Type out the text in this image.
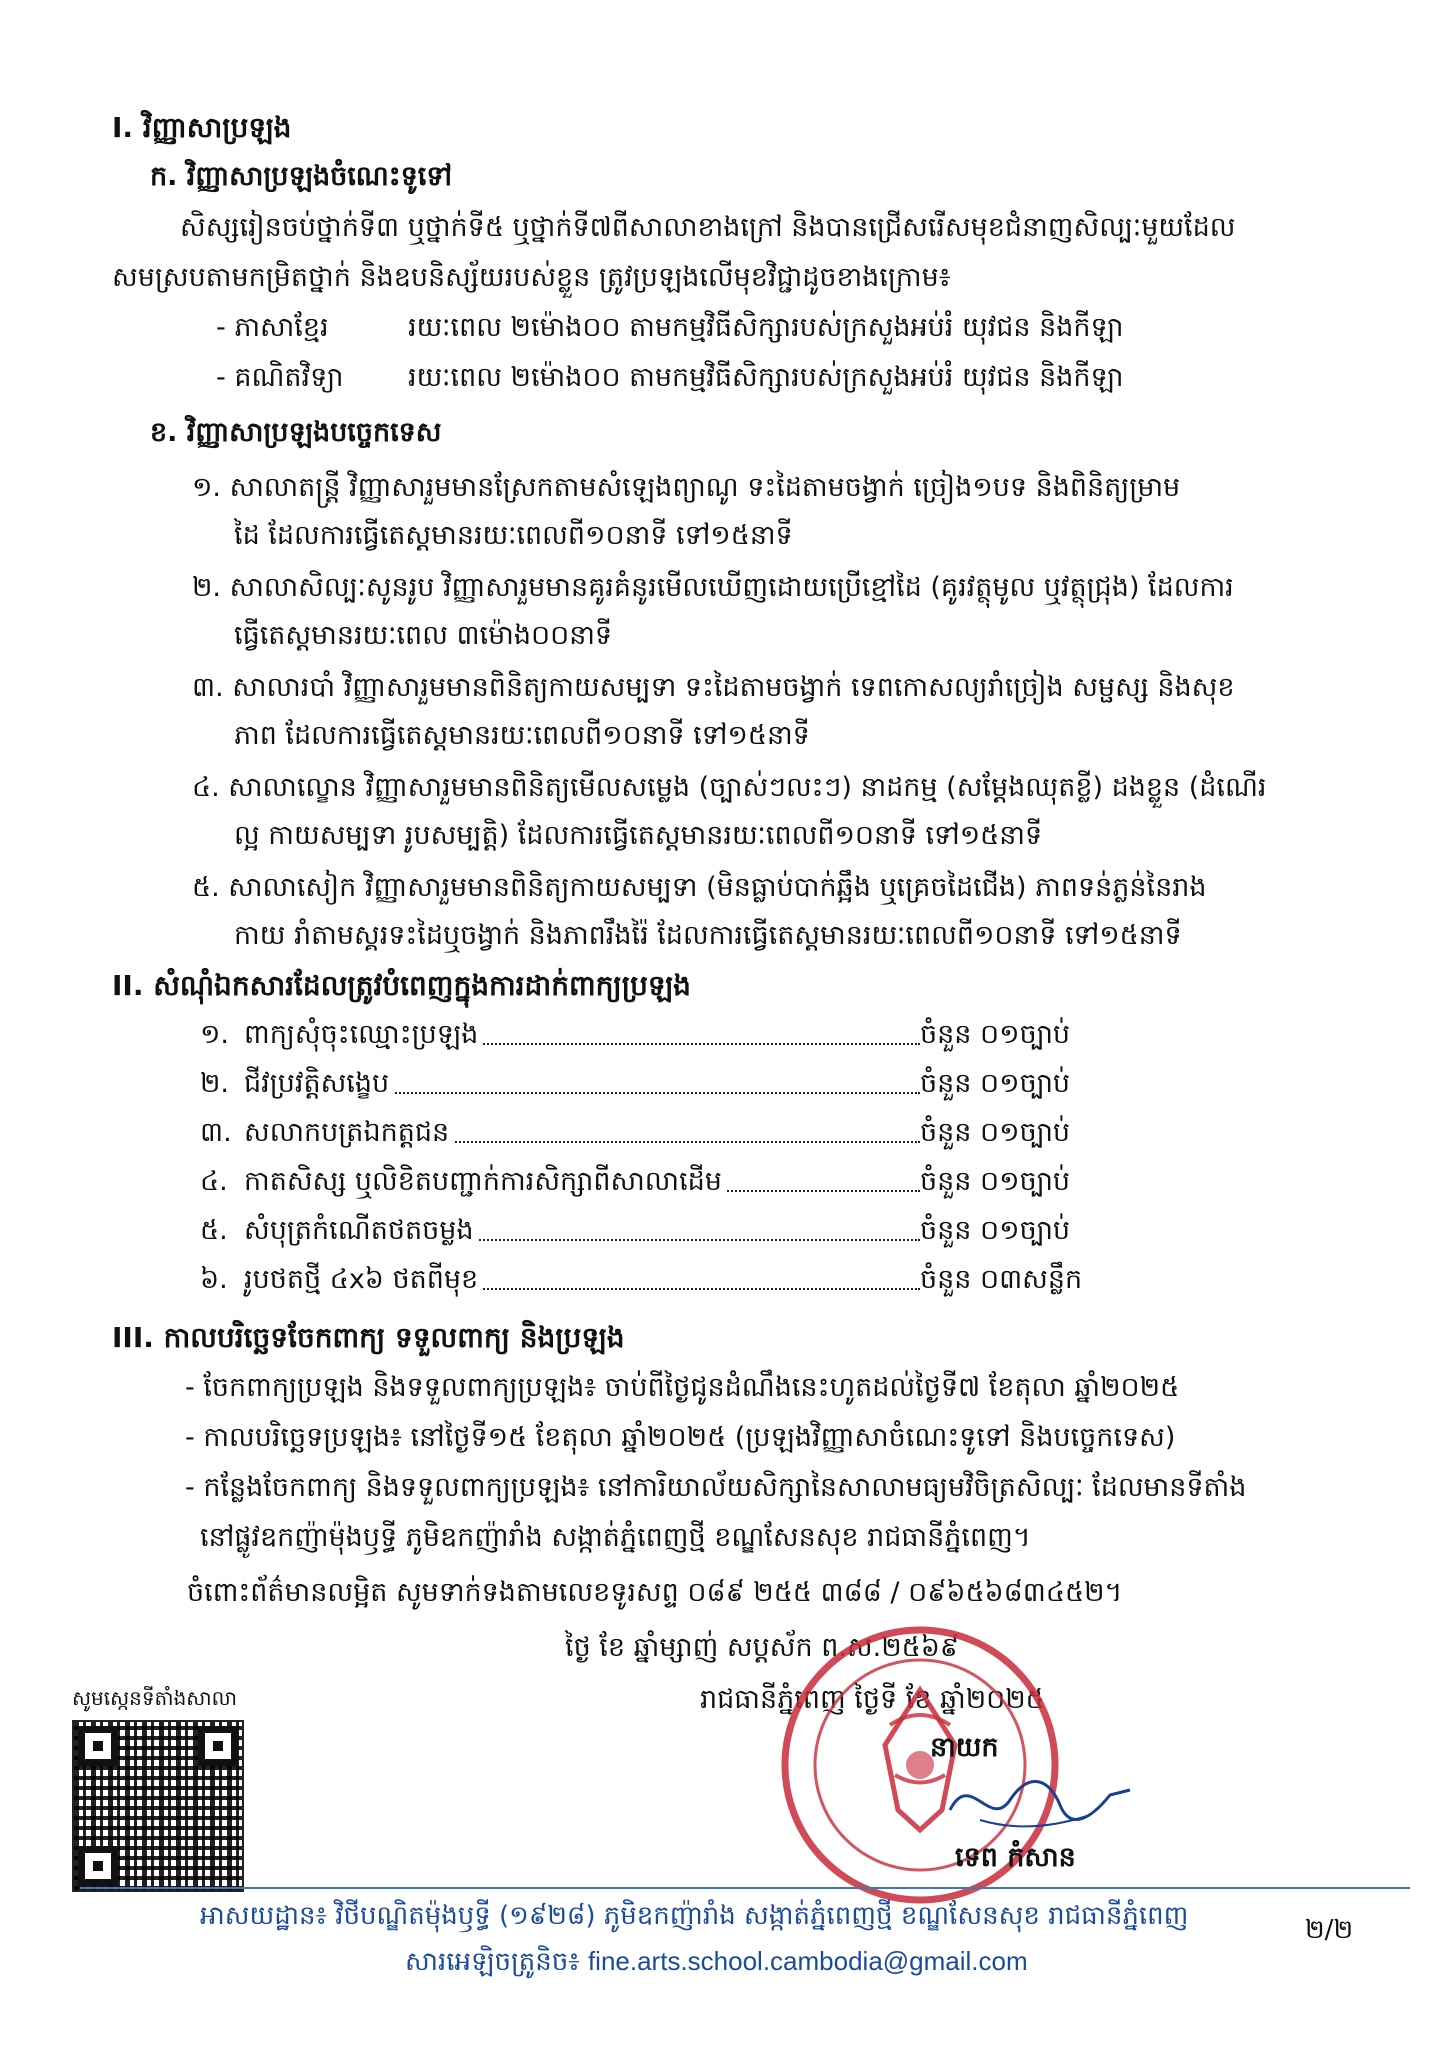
I. វិញ្ញាសាប្រឡង
ក. វិញ្ញាសាប្រឡងចំណេះទូទៅ
សិស្សរៀនចប់ថ្នាក់ទី៣ ឬថ្នាក់ទី៥ ឬថ្នាក់ទី៧ពីសាលាខាងក្រៅ និងបានជ្រើសរើសមុខជំនាញសិល្បៈមួយដែល
សមស្របតាមកម្រិតថ្នាក់ និងឧបនិស្ស័យរបស់ខ្លួន ត្រូវប្រឡងលើមុខវិជ្ជាដូចខាងក្រោម៖
- ភាសាខ្មែរ	រយៈពេល ២ម៉ោង០០ តាមកម្មវិធីសិក្សារបស់ក្រសួងអប់រំ យុវជន និងកីឡា
- គណិតវិទ្យា រយៈពេល ២ម៉ោង០០ តាមកម្មវិធីសិក្សារបស់ក្រសួងអប់រំ យុវជន និងកីឡា
ខ. វិញ្ញាសាប្រឡងបច្ចេកទេស
១. សាលាតន្ត្រី វិញ្ញាសារួមមានស្រែកតាមសំឡេងព្យាណូ ទះដៃតាមចង្វាក់ ច្រៀង១បទ និងពិនិត្យម្រាម
ដៃ ដែលការធ្វើតេស្តមានរយៈពេលពី១០នាទី ទៅ១៥នាទី
២. សាលាសិល្បៈសូនរូប វិញ្ញាសារួមមានគូរគំនូរមើលឃើញដោយប្រើខ្មៅដៃ (គូរវត្ថុមូល ឬវត្ថុជ្រុង) ដែលការ
ធ្វើតេស្តមានរយៈពេល ៣ម៉ោង០០នាទី
៣. សាលារបាំ វិញ្ញាសារួមមានពិនិត្យកាយសម្បទា ទះដៃតាមចង្វាក់ ទេពកោសល្យរាំច្រៀង សម្ផស្ស និងសុខ
ភាព ដែលការធ្វើតេស្តមានរយៈពេលពី១០នាទី ទៅ១៥នាទី
៤. សាលាល្ខោន វិញ្ញាសារួមមានពិនិត្យមើលសម្លេង (ច្បាស់ៗលះៗ) នាដកម្ម (សម្តែងឈុតខ្លី) ដងខ្លួន (ដំណើរ
ល្អ កាយសម្បទា រូបសម្បត្តិ) ដែលការធ្វើតេស្តមានរយៈពេលពី១០នាទី ទៅ១៥នាទី
៥. សាលាសៀក វិញ្ញាសារួមមានពិនិត្យកាយសម្បទា (មិនធ្លាប់បាក់ឆ្អឹង ឬគ្រេចដៃជើង) ភាពទន់ភ្លន់នៃរាង
កាយ រាំតាមស្គរទះដៃឬចង្វាក់ និងភាពរឹងរ៉ៃ ដែលការធ្វើតេស្តមានរយៈពេលពី១០នាទី ទៅ១៥នាទី
II. សំណុំឯកសារដែលត្រូវបំពេញក្នុងការដាក់ពាក្យប្រឡង
១. ពាក្យសុំចុះឈ្មោះប្រឡង	ចំនួន ០១ច្បាប់
២. ជីវប្រវត្តិសង្ខេប	ចំនួន ០១ច្បាប់
៣. សលាកបត្រឯកត្តជន	ចំនួន ០១ច្បាប់
៤. កាតសិស្ស ឬលិខិតបញ្ជាក់ការសិក្សាពីសាលាដើម	ចំនួន ០១ច្បាប់
៥. សំបុត្រកំណើតថតចម្លង	ចំនួន ០១ច្បាប់
៦. រូបថតថ្មី ៤x៦ ថតពីមុខ	ចំនួន ០៣សន្លឹក
III. កាលបរិច្ឆេទចែកពាក្យ ទទួលពាក្យ និងប្រឡង
- ចែកពាក្យប្រឡង និងទទួលពាក្យប្រឡង៖ ចាប់ពីថ្ងៃជូនដំណឹងនេះហូតដល់ថ្ងៃទី៧ ខែតុលា ឆ្នាំ២០២៥
- កាលបរិច្ឆេទប្រឡង៖ នៅថ្ងៃទី១៥ ខែតុលា ឆ្នាំ២០២៥ (ប្រឡងវិញ្ញាសាចំណេះទូទៅ និងបច្ចេកទេស)
- កន្លែងចែកពាក្យ និងទទួលពាក្យប្រឡង៖ នៅការិយាល័យសិក្សានៃសាលាមធ្យមវិចិត្រសិល្បៈ ដែលមានទីតាំង
នៅផ្លូវឧកញ៉ាម៉ុងឫទ្ធី ភូមិឧកញ៉ារាំង សង្កាត់ភ្នំពេញថ្មី ខណ្ឌសែនសុខ រាជធានីភ្នំពេញ។
ចំពោះព័ត៌មានលម្អិត សូមទាក់ទងតាមលេខទូរសព្ទ ០៨៩ ២៥៥ ៣៨៨ / ០៩៦៥៦៨៣៤៥២។
ថ្ងៃ ខែ ឆ្នាំម្សាញ់ សប្តស័ក ព.ស.២៥៦៩
រាជធានីភ្នំពេញ ថ្ងៃទី ខែ ឆ្នាំ២០២៥
នាយក
ទេព កំសាន
សូមស្កេនទីតាំងសាលា
អាសយដ្ឋាន៖ វិថីបណ្ឌិតម៉ុងឫទ្ធី (១៩២៨) ភូមិឧកញ៉ារាំង សង្កាត់ភ្នំពេញថ្មី ខណ្ឌសែនសុខ រាជធានីភ្នំពេញ
សារអេឡិចត្រូនិច៖ fine.arts.school.cambodia@gmail.com
២/២
